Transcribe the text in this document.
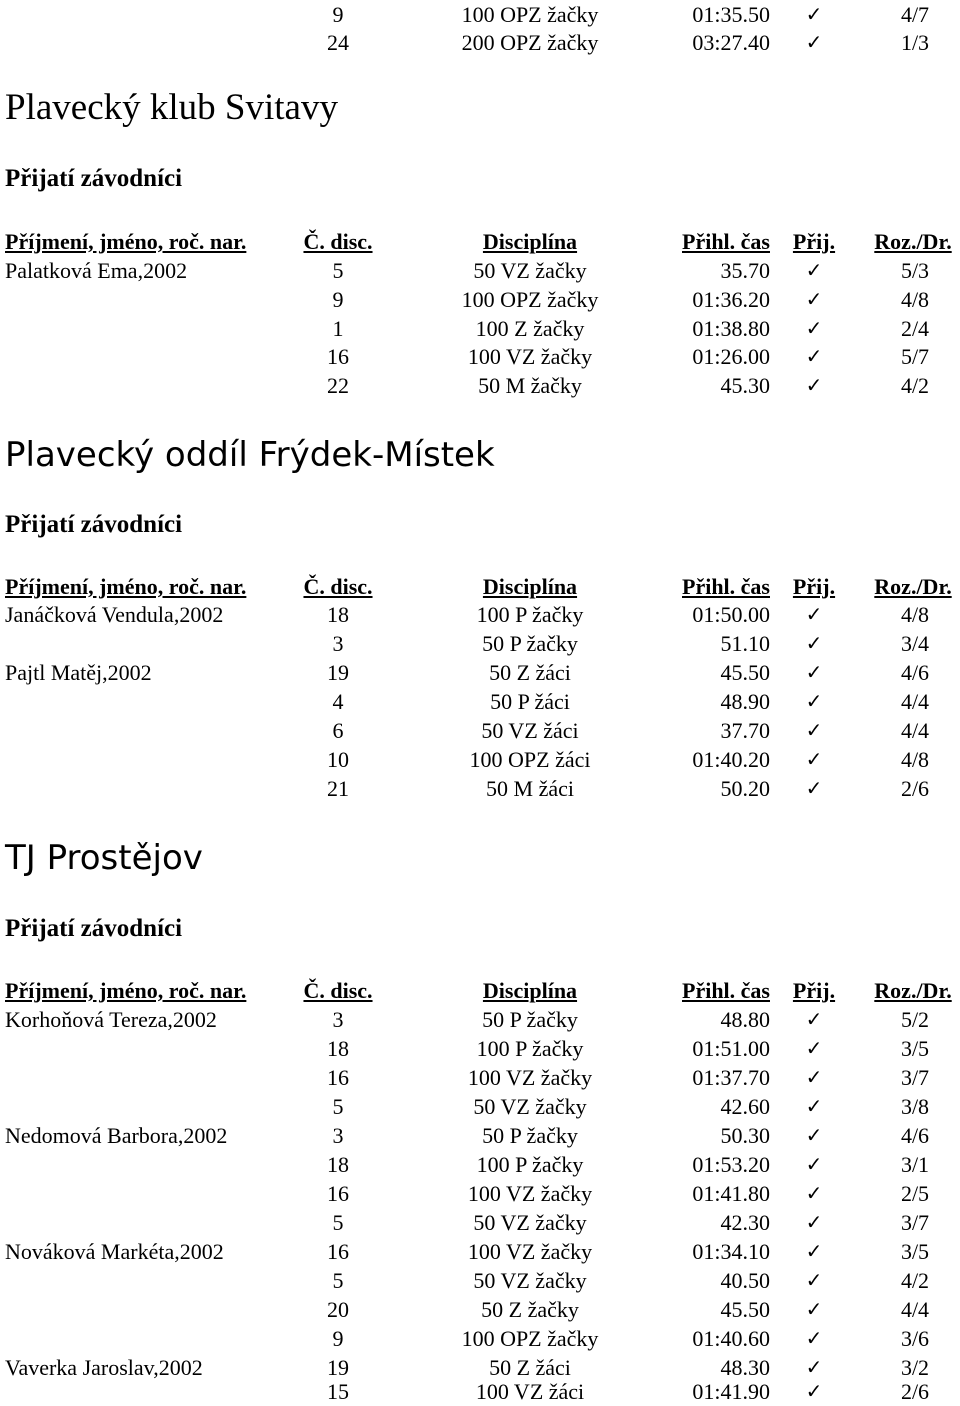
9	100 OPZ žačky	01:35.50	✓	4/7
24	200 OPZ žačky	03:27.40	✓	1/3
Plavecký klub Svitavy
Přijatí závodníci
Příjmení, jméno, roč. nar.	Č. disc.	Disciplína	Přihl. čas Přij.	Roz./Dr.
Palatková Ema,2002	5	50 VZ žačky	35.70	✓	5/3
9	100 OPZ žačky	01:36.20	✓	4/8
1	100 Z žačky	01:38.80	✓	2/4
16	100 VZ žačky	01:26.00	✓	5/7
22	50 M žačky	45.30	✓	4/2
Plavecký oddíl Frýdek-Místek
Přijatí závodníci
Příjmení, jméno, roč. nar.	Č. disc.	Disciplína	Přihl. čas Přij.	Roz./Dr.
Janáčková Vendula,2002	18	100 P žačky	01:50.00	✓	4/8
3	50 P žačky	51.10	✓	3/4
Pajtl Matěj,2002	19	50 Z žáci	45.50	✓	4/6
4	50 P žáci	48.90	✓	4/4
6	50 VZ žáci	37.70	✓	4/4
10	100 OPZ žáci	01:40.20	✓	4/8
21	50 M žáci	50.20	✓	2/6
TJ Prostějov
Přijatí závodníci
Příjmení, jméno, roč. nar.	Č. disc.	Disciplína	Přihl. čas Přij.	Roz./Dr.
Korhoňová Tereza,2002	3	50 P žačky	48.80	✓	5/2
18	100 P žačky	01:51.00	✓	3/5
16	100 VZ žačky	01:37.70	✓	3/7
5	50 VZ žačky	42.60	✓	3/8
Nedomová Barbora,2002	3	50 P žačky	50.30	✓	4/6
18	100 P žačky	01:53.20	✓	3/1
16	100 VZ žačky	01:41.80	✓	2/5
5	50 VZ žačky	42.30	✓	3/7
Nováková Markéta,2002	16	100 VZ žačky	01:34.10	✓	3/5
5	50 VZ žačky	40.50	✓	4/2
20	50 Z žačky	45.50	✓	4/4
9	100 OPZ žačky	01:40.60	✓	3/6
Vaverka Jaroslav,2002	19	50 Z žáci	48.30	✓	3/2
15	100 VZ žáci	01:41.90	✓	2/6
